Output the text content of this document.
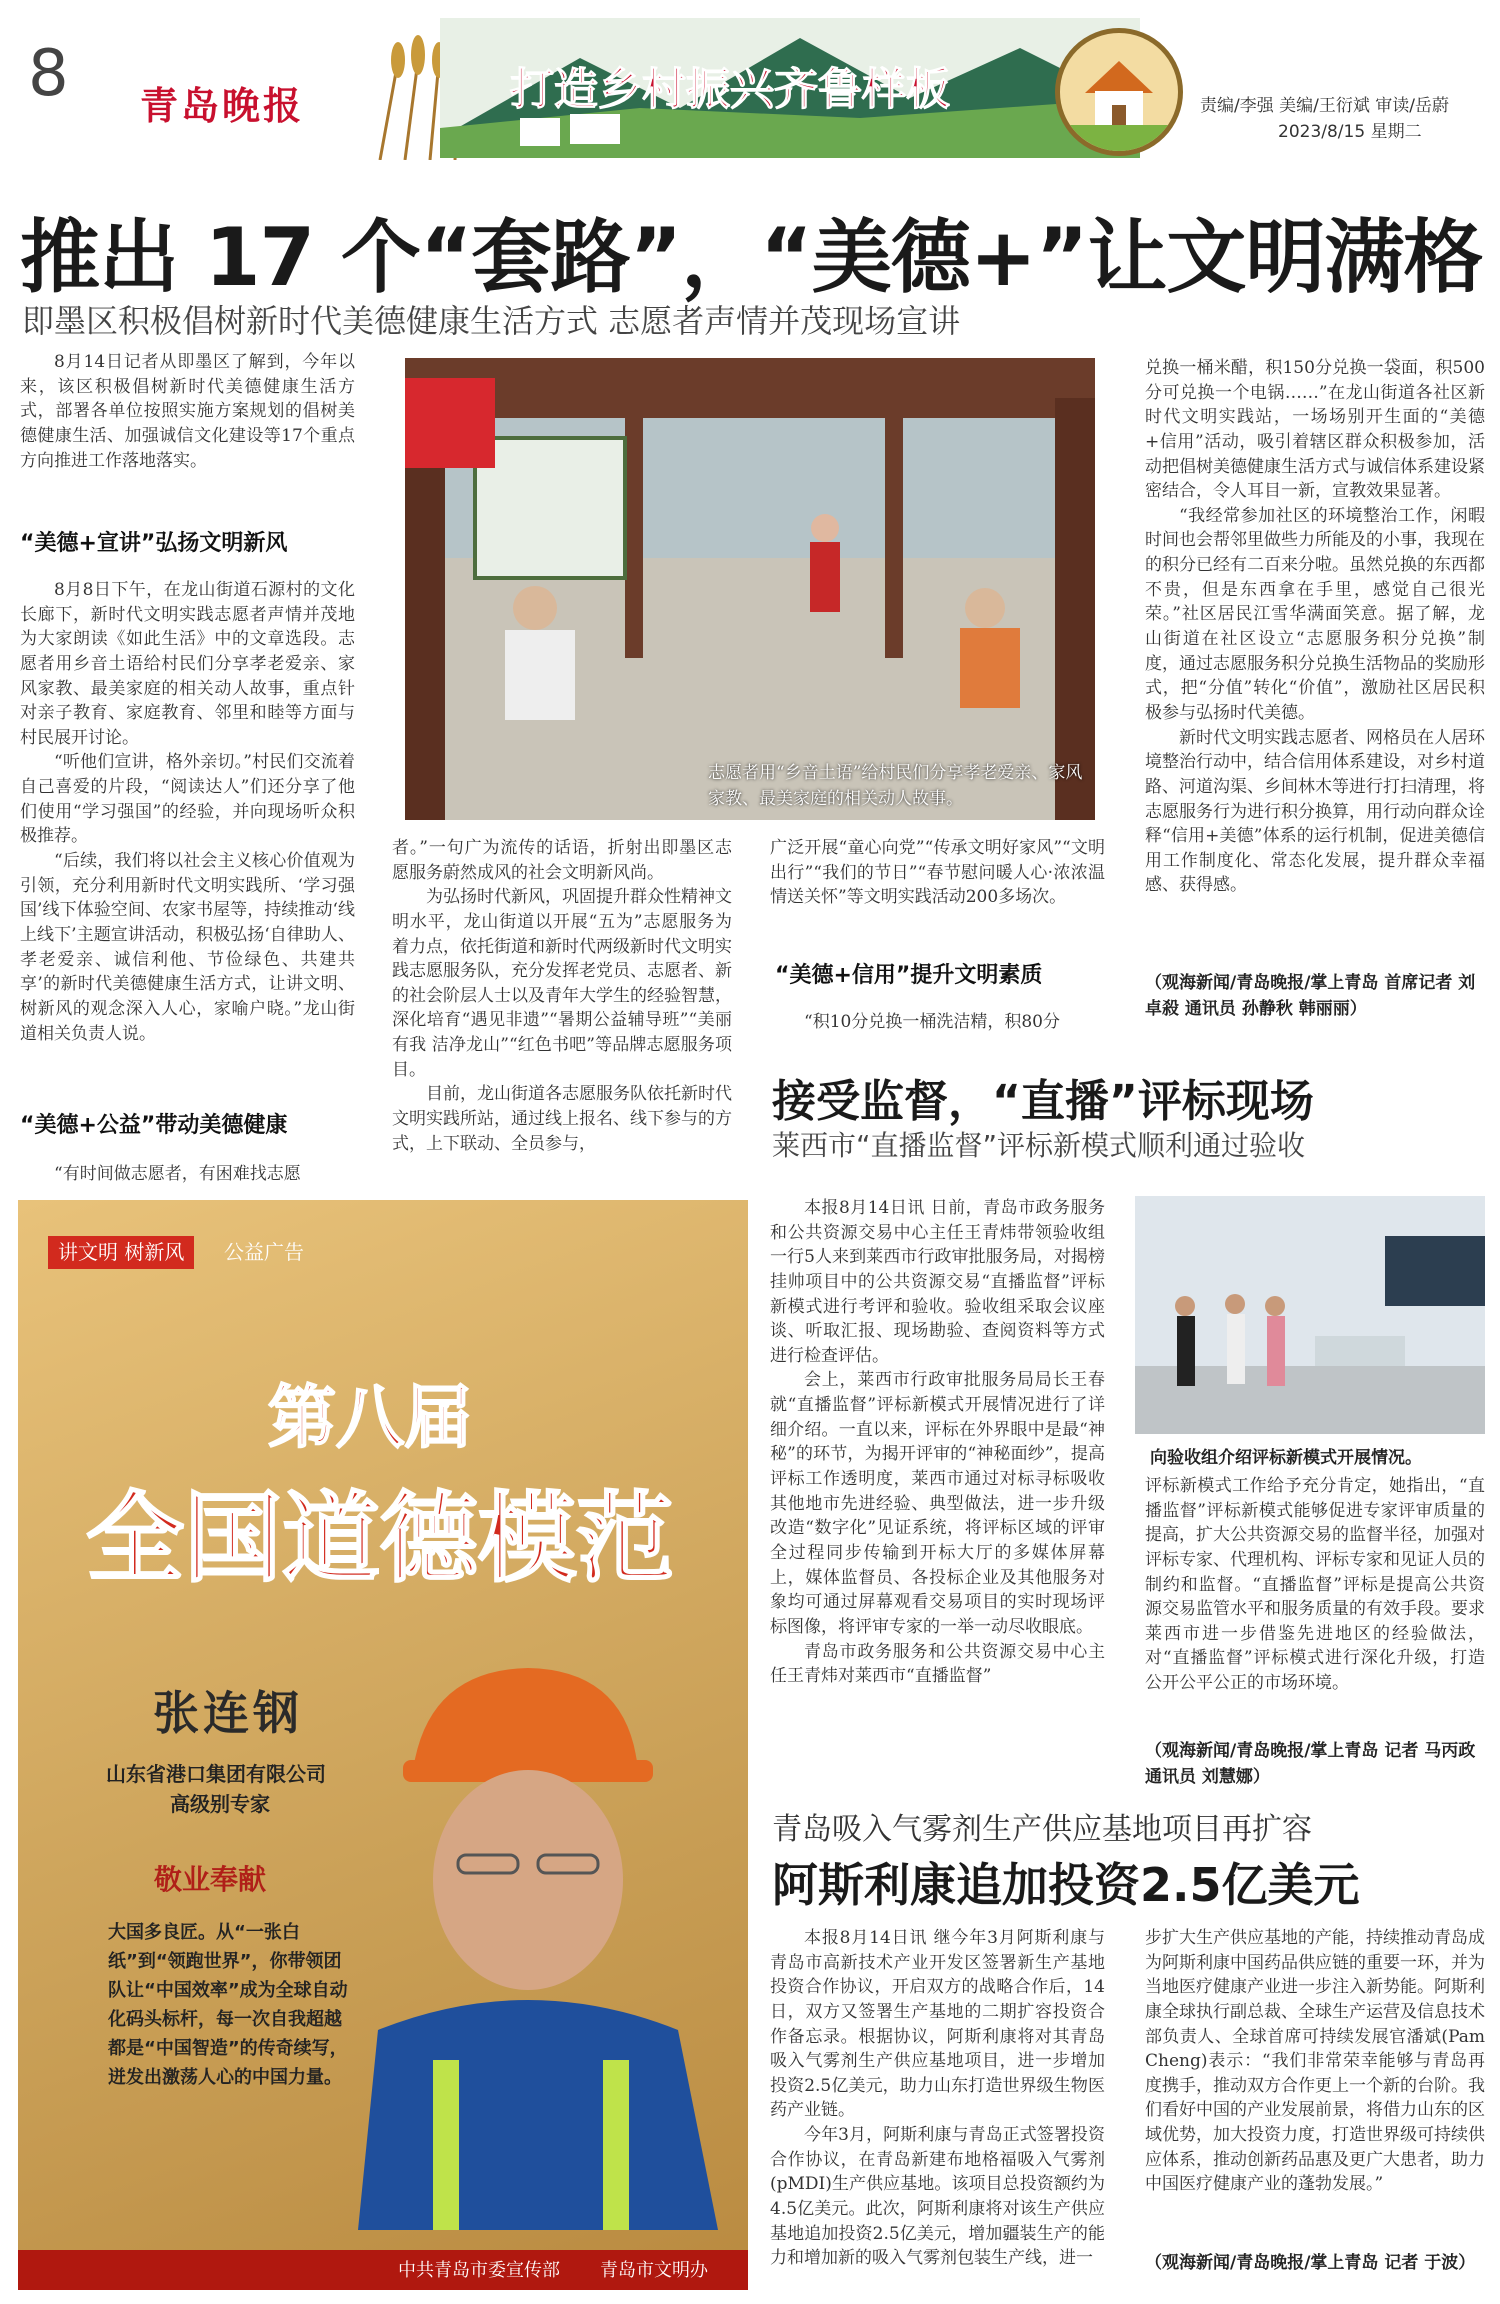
8 青岛晚报	打造乡村振兴齐鲁样板	责编/李强 美编/王衍斌 审读/岳蔚
2023/8/15 星期二
推出 17 个“套路”，“美德+”让文明满格
即墨区积极倡树新时代美德健康生活方式 志愿者声情并茂现场宣讲

8月14日记者从即墨区了解到，今年以来，该区积极倡树新时代美德健康生活方式，部署各单位按照实施方案规划的倡树美德健康生活、加强诚信文化建设等17个重点方向推进工作落地落实。

“美德+宣讲”弘扬文明新风

8月8日下午，在龙山街道石源村的文化长廊下，新时代文明实践志愿者声情并茂地为大家朗读《如此生活》中的文章选段。志愿者用乡音土语给村民们分享孝老爱亲、家风家教、最美家庭的相关动人故事，重点针对亲子教育、家庭教育、邻里和睦等方面与村民展开讨论。

“听他们宣讲，格外亲切。”村民们交流着自己喜爱的片段，“阅读达人”们还分享了他们使用“学习强国”的经验，并向现场听众积极推荐。

“后续，我们将以社会主义核心价值观为引领，充分利用新时代文明实践所、‘学习强国’线下体验空间、农家书屋等，持续推动‘线上线下’主题宣讲活动，积极弘扬‘自律助人、孝老爱亲、诚信利他、节俭绿色、共建共享’的新时代美德健康生活方式，让讲文明、树新风的观念深入人心，家喻户晓。”龙山街道相关负责人说。

“美德+公益”带动美德健康

“有时间做志愿者，有困难找志愿

志愿者用“乡音土语”给村民们分享孝老爱亲、家风家教、最美家庭的相关动人故事。

者。”一句广为流传的话语，折射出即墨区志愿服务蔚然成风的社会文明新风尚。

为弘扬时代新风，巩固提升群众性精神文明水平，龙山街道以开展“五为”志愿服务为着力点，依托街道和新时代两级新时代文明实践志愿服务队，充分发挥老党员、志愿者、新的社会阶层人士以及青年大学生的经验智慧，深化培育“遇见非遗”“暑期公益辅导班”“美丽有我 洁净龙山”“红色书吧”等品牌志愿服务项目。

目前，龙山街道各志愿服务队依托新时代文明实践所站，通过线上报名、线下参与的方式，上下联动、全员参与，

广泛开展“童心向党”“传承文明好家风”“文明出行”“我们的节日”“春节慰问暖人心·浓浓温情送关怀”等文明实践活动200多场次。

“美德+信用”提升文明素质

“积10分兑换一桶洗洁精，积80分

兑换一桶米醋，积150分兑换一袋面，积500分可兑换一个电锅……”在龙山街道各社区新时代文明实践站，一场场别开生面的“美德+信用”活动，吸引着辖区群众积极参加，活动把倡树美德健康生活方式与诚信体系建设紧密结合，令人耳目一新，宣教效果显著。

“我经常参加社区的环境整治工作，闲暇时间也会帮邻里做些力所能及的小事，我现在的积分已经有二百来分啦。虽然兑换的东西都不贵，但是东西拿在手里，感觉自己很光荣。”社区居民江雪华满面笑意。据了解，龙山街道在社区设立“志愿服务积分兑换”制度，通过志愿服务积分兑换生活物品的奖励形式，把“分值”转化“价值”，激励社区居民积极参与弘扬时代美德。

新时代文明实践志愿者、网格员在人居环境整治行动中，结合信用体系建设，对乡村道路、河道沟渠、乡间林木等进行打扫清理，将志愿服务行为进行积分换算，用行动向群众诠释“信用+美德”体系的运行机制，促进美德信用工作制度化、常态化发展，提升群众幸福感、获得感。

（观海新闻/青岛晚报/掌上青岛 首席记者 刘卓殺 通讯员 孙静秋 韩丽丽）
讲文明 树新风	公益广告
第八届
全国道德模范
张连钢
山东省港口集团有限公司
高级别专家
敬业奉献
大国多良匠。从“一张白纸”到“领跑世界”，你带领团队让“中国效率”成为全球自动化码头标杆，每一次自我超越都是“中国智造”的传奇续写，迸发出激荡人心的中国力量。
中共青岛市委宣传部 青岛市文明办
接受监督，“直播”评标现场
莱西市“直播监督”评标新模式顺利通过验收

本报8月14日讯 日前，青岛市政务服务和公共资源交易中心主任王青炜带领验收组一行5人来到莱西市行政审批服务局，对揭榜挂帅项目中的公共资源交易“直播监督”评标新模式进行考评和验收。验收组采取会议座谈、听取汇报、现场勘验、查阅资料等方式进行检查评估。

会上，莱西市行政审批服务局局长王春就“直播监督”评标新模式开展情况进行了详细介绍。一直以来，评标在外界眼中是最“神秘”的环节，为揭开评审的“神秘面纱”，提高评标工作透明度，莱西市通过对标寻标吸收其他地市先进经验、典型做法，进一步升级改造“数字化”见证系统，将评标区域的评审全过程同步传输到开标大厅的多媒体屏幕上，媒体监督员、各投标企业及其他服务对象均可通过屏幕观看交易项目的实时现场评标图像，将评审专家的一举一动尽收眼底。

青岛市政务服务和公共资源交易中心主任王青炜对莱西市“直播监督”

向验收组介绍评标新模式开展情况。

评标新模式工作给予充分肯定，她指出，“直播监督”评标新模式能够促进专家评审质量的提高，扩大公共资源交易的监督半径，加强对评标专家、代理机构、评标专家和见证人员的制约和监督。“直播监督”评标是提高公共资源交易监管水平和服务质量的有效手段。要求莱西市进一步借鉴先进地区的经验做法，对“直播监督”评标模式进行深化升级，打造公开公平公正的市场环境。

（观海新闻/青岛晚报/掌上青岛 记者 马丙政 通讯员 刘慧娜）
青岛吸入气雾剂生产供应基地项目再扩容
阿斯利康追加投资2.5亿美元

本报8月14日讯 继今年3月阿斯利康与青岛市高新技术产业开发区签署新生产基地投资合作协议，开启双方的战略合作后，14日，双方又签署生产基地的二期扩容投资合作备忘录。根据协议，阿斯利康将对其青岛吸入气雾剂生产供应基地项目，进一步增加投资2.5亿美元，助力山东打造世界级生物医药产业链。

今年3月，阿斯利康与青岛正式签署投资合作协议，在青岛新建布地格福吸入气雾剂(pMDI)生产供应基地。该项目总投资额约为4.5亿美元。此次，阿斯利康将对该生产供应基地追加投资2.5亿美元，增加疆装生产的能力和增加新的吸入气雾剂包装生产线，进一

步扩大生产供应基地的产能，持续推动青岛成为阿斯利康中国药品供应链的重要一环，并为当地医疗健康产业进一步注入新势能。阿斯利康全球执行副总裁、全球生产运营及信息技术部负责人、全球首席可持续发展官潘斌(Pam Cheng)表示：“我们非常荣幸能够与青岛再度携手，推动双方合作更上一个新的台阶。我们看好中国的产业发展前景，将借力山东的区域优势，加大投资力度，打造世界级可持续供应体系，推动创新药品惠及更广大患者，助力中国医疗健康产业的蓬勃发展。”

（观海新闻/青岛晚报/掌上青岛 记者 于波）
